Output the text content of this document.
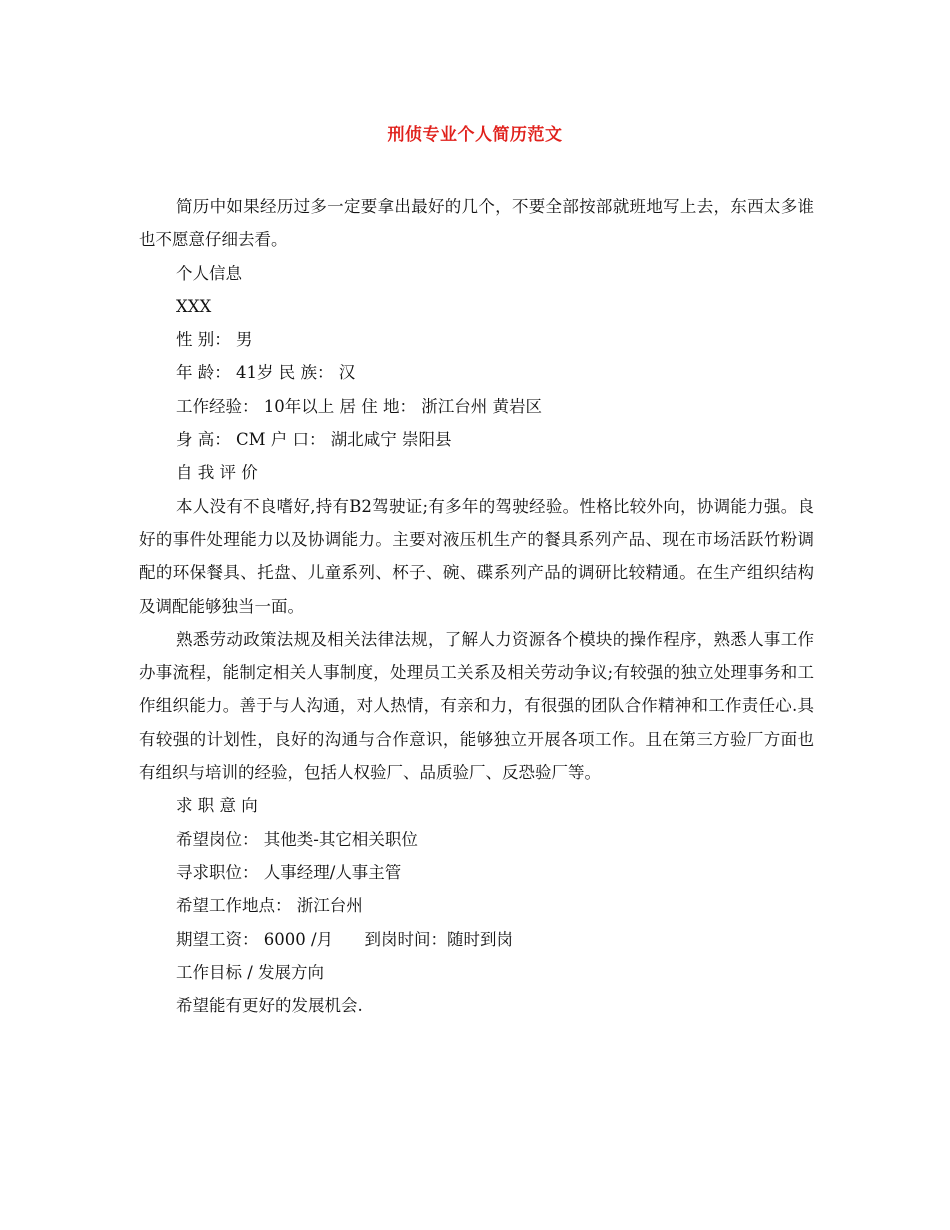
刑侦专业个人简历范文

简历中如果经历过多一定要拿出最好的几个，不要全部按部就班地写上去，东西太多谁也不愿意仔细去看。

个人信息

XXX

性 别： 男

年 龄： 41岁 民 族： 汉

工作经验： 10年以上 居 住 地： 浙江台州 黄岩区

身 高： CM 户 口： 湖北咸宁 崇阳县

自 我 评 价

本人没有不良嗜好,持有B2驾驶证;有多年的驾驶经验。性格比较外向，协调能力强。良好的事件处理能力以及协调能力。主要对液压机生产的餐具系列产品、现在市场活跃竹粉调配的环保餐具、托盘、儿童系列、杯子、碗、碟系列产品的调研比较精通。在生产组织结构及调配能够独当一面。

熟悉劳动政策法规及相关法律法规，了解人力资源各个模块的操作程序，熟悉人事工作办事流程，能制定相关人事制度，处理员工关系及相关劳动争议;有较强的独立处理事务和工作组织能力。善于与人沟通，对人热情，有亲和力，有很强的团队合作精神和工作责任心.具有较强的计划性，良好的沟通与合作意识，能够独立开展各项工作。且在第三方验厂方面也有组织与培训的经验，包括人权验厂、品质验厂、反恐验厂等。

求 职 意 向

希望岗位： 其他类-其它相关职位

寻求职位： 人事经理/人事主管

希望工作地点： 浙江台州

期望工资： 6000 /月      到岗时间：随时到岗

工作目标 / 发展方向

希望能有更好的发展机会.
